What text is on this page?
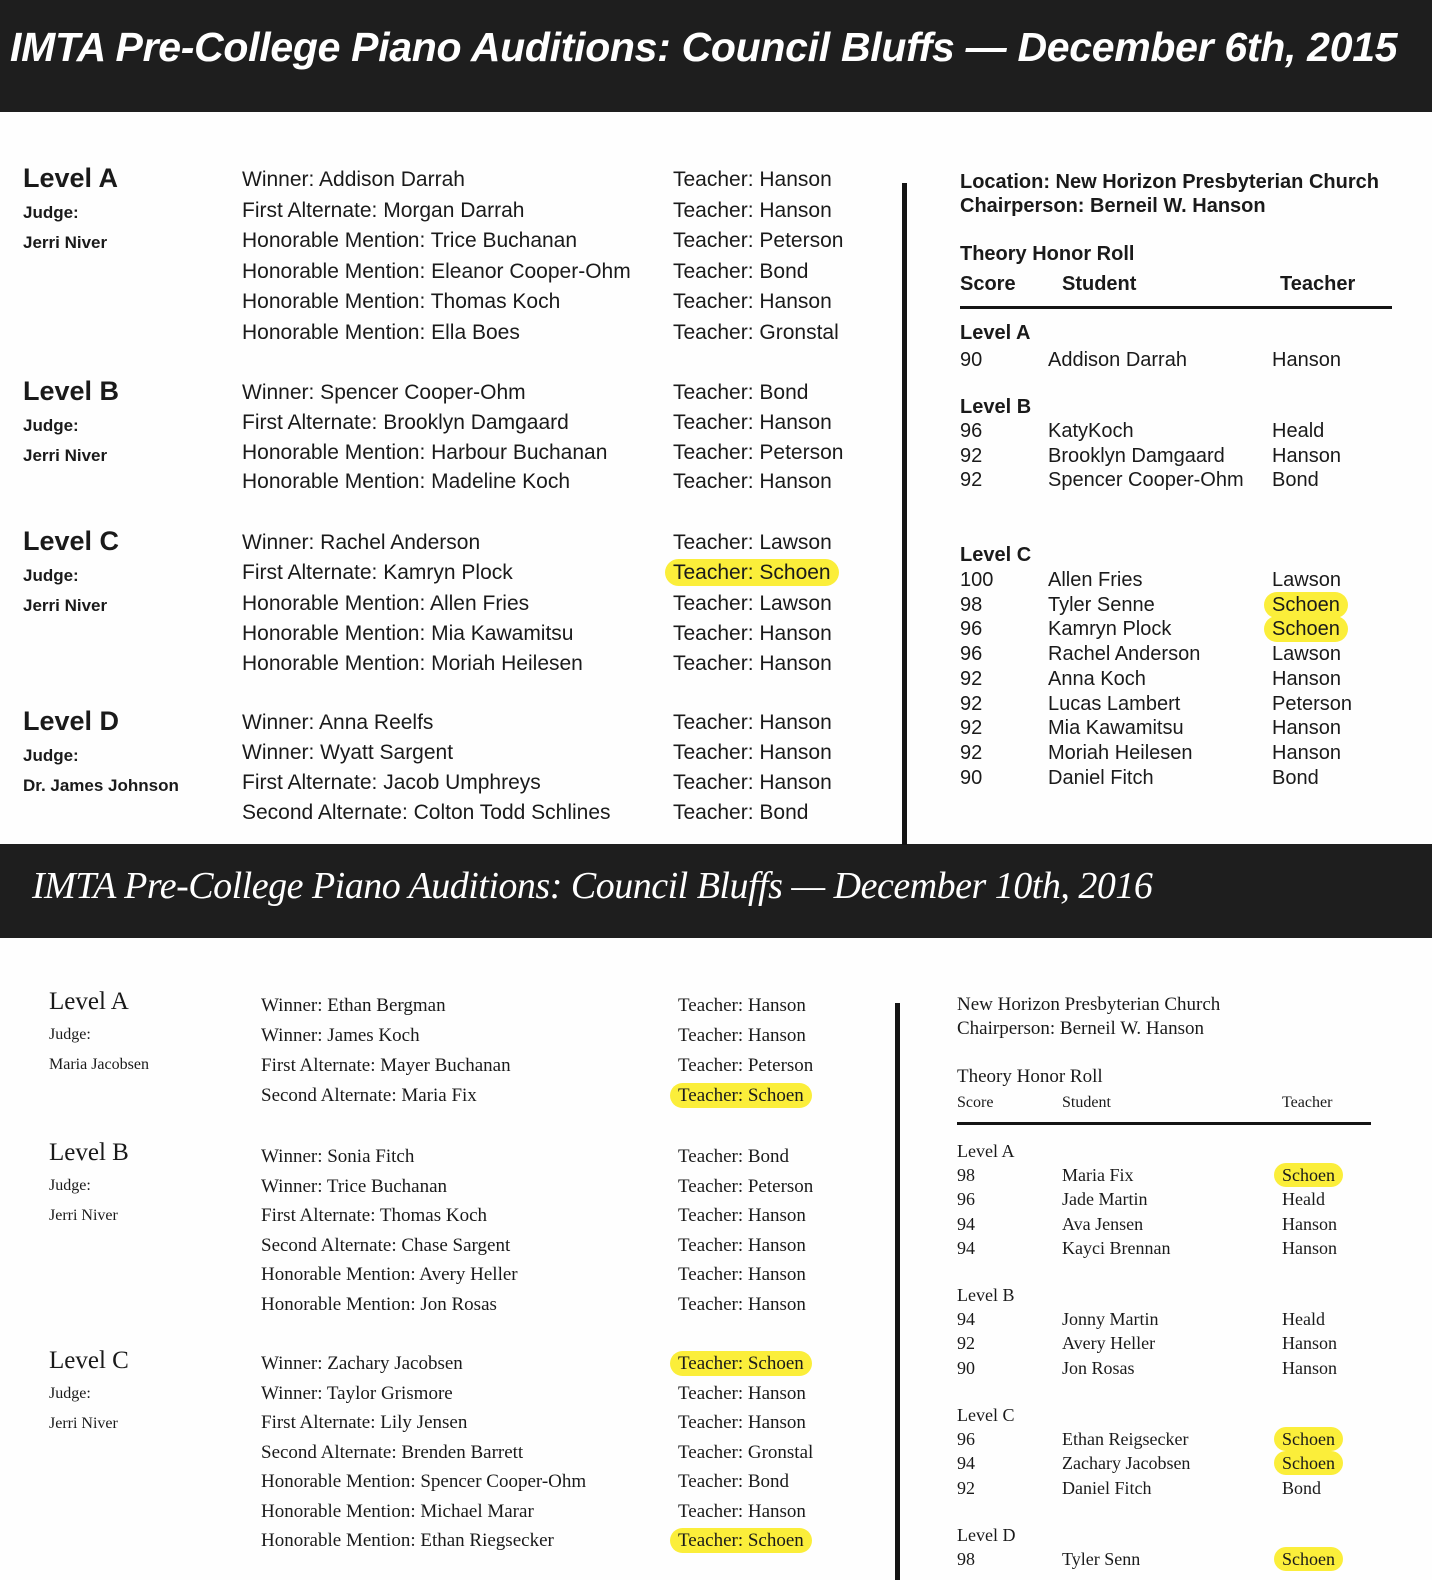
IMTA Pre-College Piano Auditions: Council Bluffs — December 6th, 2015
IMTA Pre-College Piano Auditions: Council Bluffs — December 10th, 2016
Level A
Judge:
Jerri Niver
Winner: Addison Darrah	Teacher: Hanson
First Alternate: Morgan Darrah	Teacher: Hanson
Honorable Mention: Trice Buchanan	Teacher: Peterson
Honorable Mention: Eleanor Cooper-Ohm Teacher: Bond
Honorable Mention: Thomas Koch	Teacher: Hanson
Honorable Mention: Ella Boes	Teacher: Gronstal
Level B
Judge:
Jerri Niver
Winner: Spencer Cooper-Ohm	Teacher: Bond
First Alternate: Brooklyn Damgaard	Teacher: Hanson
Honorable Mention: Harbour Buchanan	Teacher: Peterson
Honorable Mention: Madeline Koch	Teacher: Hanson
Level C
Judge:
Jerri Niver
Winner: Rachel Anderson	Teacher: Lawson
First Alternate: Kamryn Plock	Teacher: Schoen
Honorable Mention: Allen Fries	Teacher: Lawson
Honorable Mention: Mia Kawamitsu	Teacher: Hanson
Honorable Mention: Moriah Heilesen	Teacher: Hanson
Level D
Judge:
Dr. James Johnson
Winner: Anna Reelfs	Teacher: Hanson
Winner: Wyatt Sargent	Teacher: Hanson
First Alternate: Jacob Umphreys	Teacher: Hanson
Second Alternate: Colton Todd Schlines	Teacher: Bond
Location: New Horizon Presbyterian Church
Chairperson: Berneil W. Hanson
Theory Honor Roll
Score Student	Teacher
Level A
90	Addison Darrah	Hanson
Level B
96	KatyKoch	Heald
92	Brooklyn Damgaard Hanson
92	Spencer Cooper-Ohm Bond
Level C
100	Allen Fries	Lawson
98	Tyler Senne	Schoen
96	Kamryn Plock	Schoen
96	Rachel Anderson	Lawson
92	Anna Koch	Hanson
92	Lucas Lambert	Peterson
92	Mia Kawamitsu	Hanson
92	Moriah Heilesen	Hanson
90	Daniel Fitch	Bond
Level A
Judge:
Maria Jacobsen
Winner: Ethan Bergman	Teacher: Hanson
Winner: James Koch	Teacher: Hanson
First Alternate: Mayer Buchanan	Teacher: Peterson
Second Alternate: Maria Fix	Teacher: Schoen
Level B
Judge:
Jerri Niver
Winner: Sonia Fitch	Teacher: Bond
Winner: Trice Buchanan	Teacher: Peterson
First Alternate: Thomas Koch	Teacher: Hanson
Second Alternate: Chase Sargent	Teacher: Hanson
Honorable Mention: Avery Heller	Teacher: Hanson
Honorable Mention: Jon Rosas	Teacher: Hanson
Level C
Judge:
Jerri Niver
Winner: Zachary Jacobsen	Teacher: Schoen
Winner: Taylor Grismore	Teacher: Hanson
First Alternate: Lily Jensen	Teacher: Hanson
Second Alternate: Brenden Barrett	Teacher: Gronstal
Honorable Mention: Spencer Cooper-Ohm	Teacher: Bond
Honorable Mention: Michael Marar	Teacher: Hanson
Honorable Mention: Ethan Riegsecker	Teacher: Schoen
New Horizon Presbyterian Church
Chairperson: Berneil W. Hanson
Theory Honor Roll
Score	Student	Teacher
Level A
98	Maria Fix	Schoen
96	Jade Martin	Heald
94	Ava Jensen	Hanson
94	Kayci Brennan	Hanson
Level B
94	Jonny Martin	Heald
92	Avery Heller	Hanson
90	Jon Rosas	Hanson
Level C
96	Ethan Reigsecker	Schoen
94	Zachary Jacobsen	Schoen
92	Daniel Fitch	Bond
Level D
98	Tyler Senn	Schoen
